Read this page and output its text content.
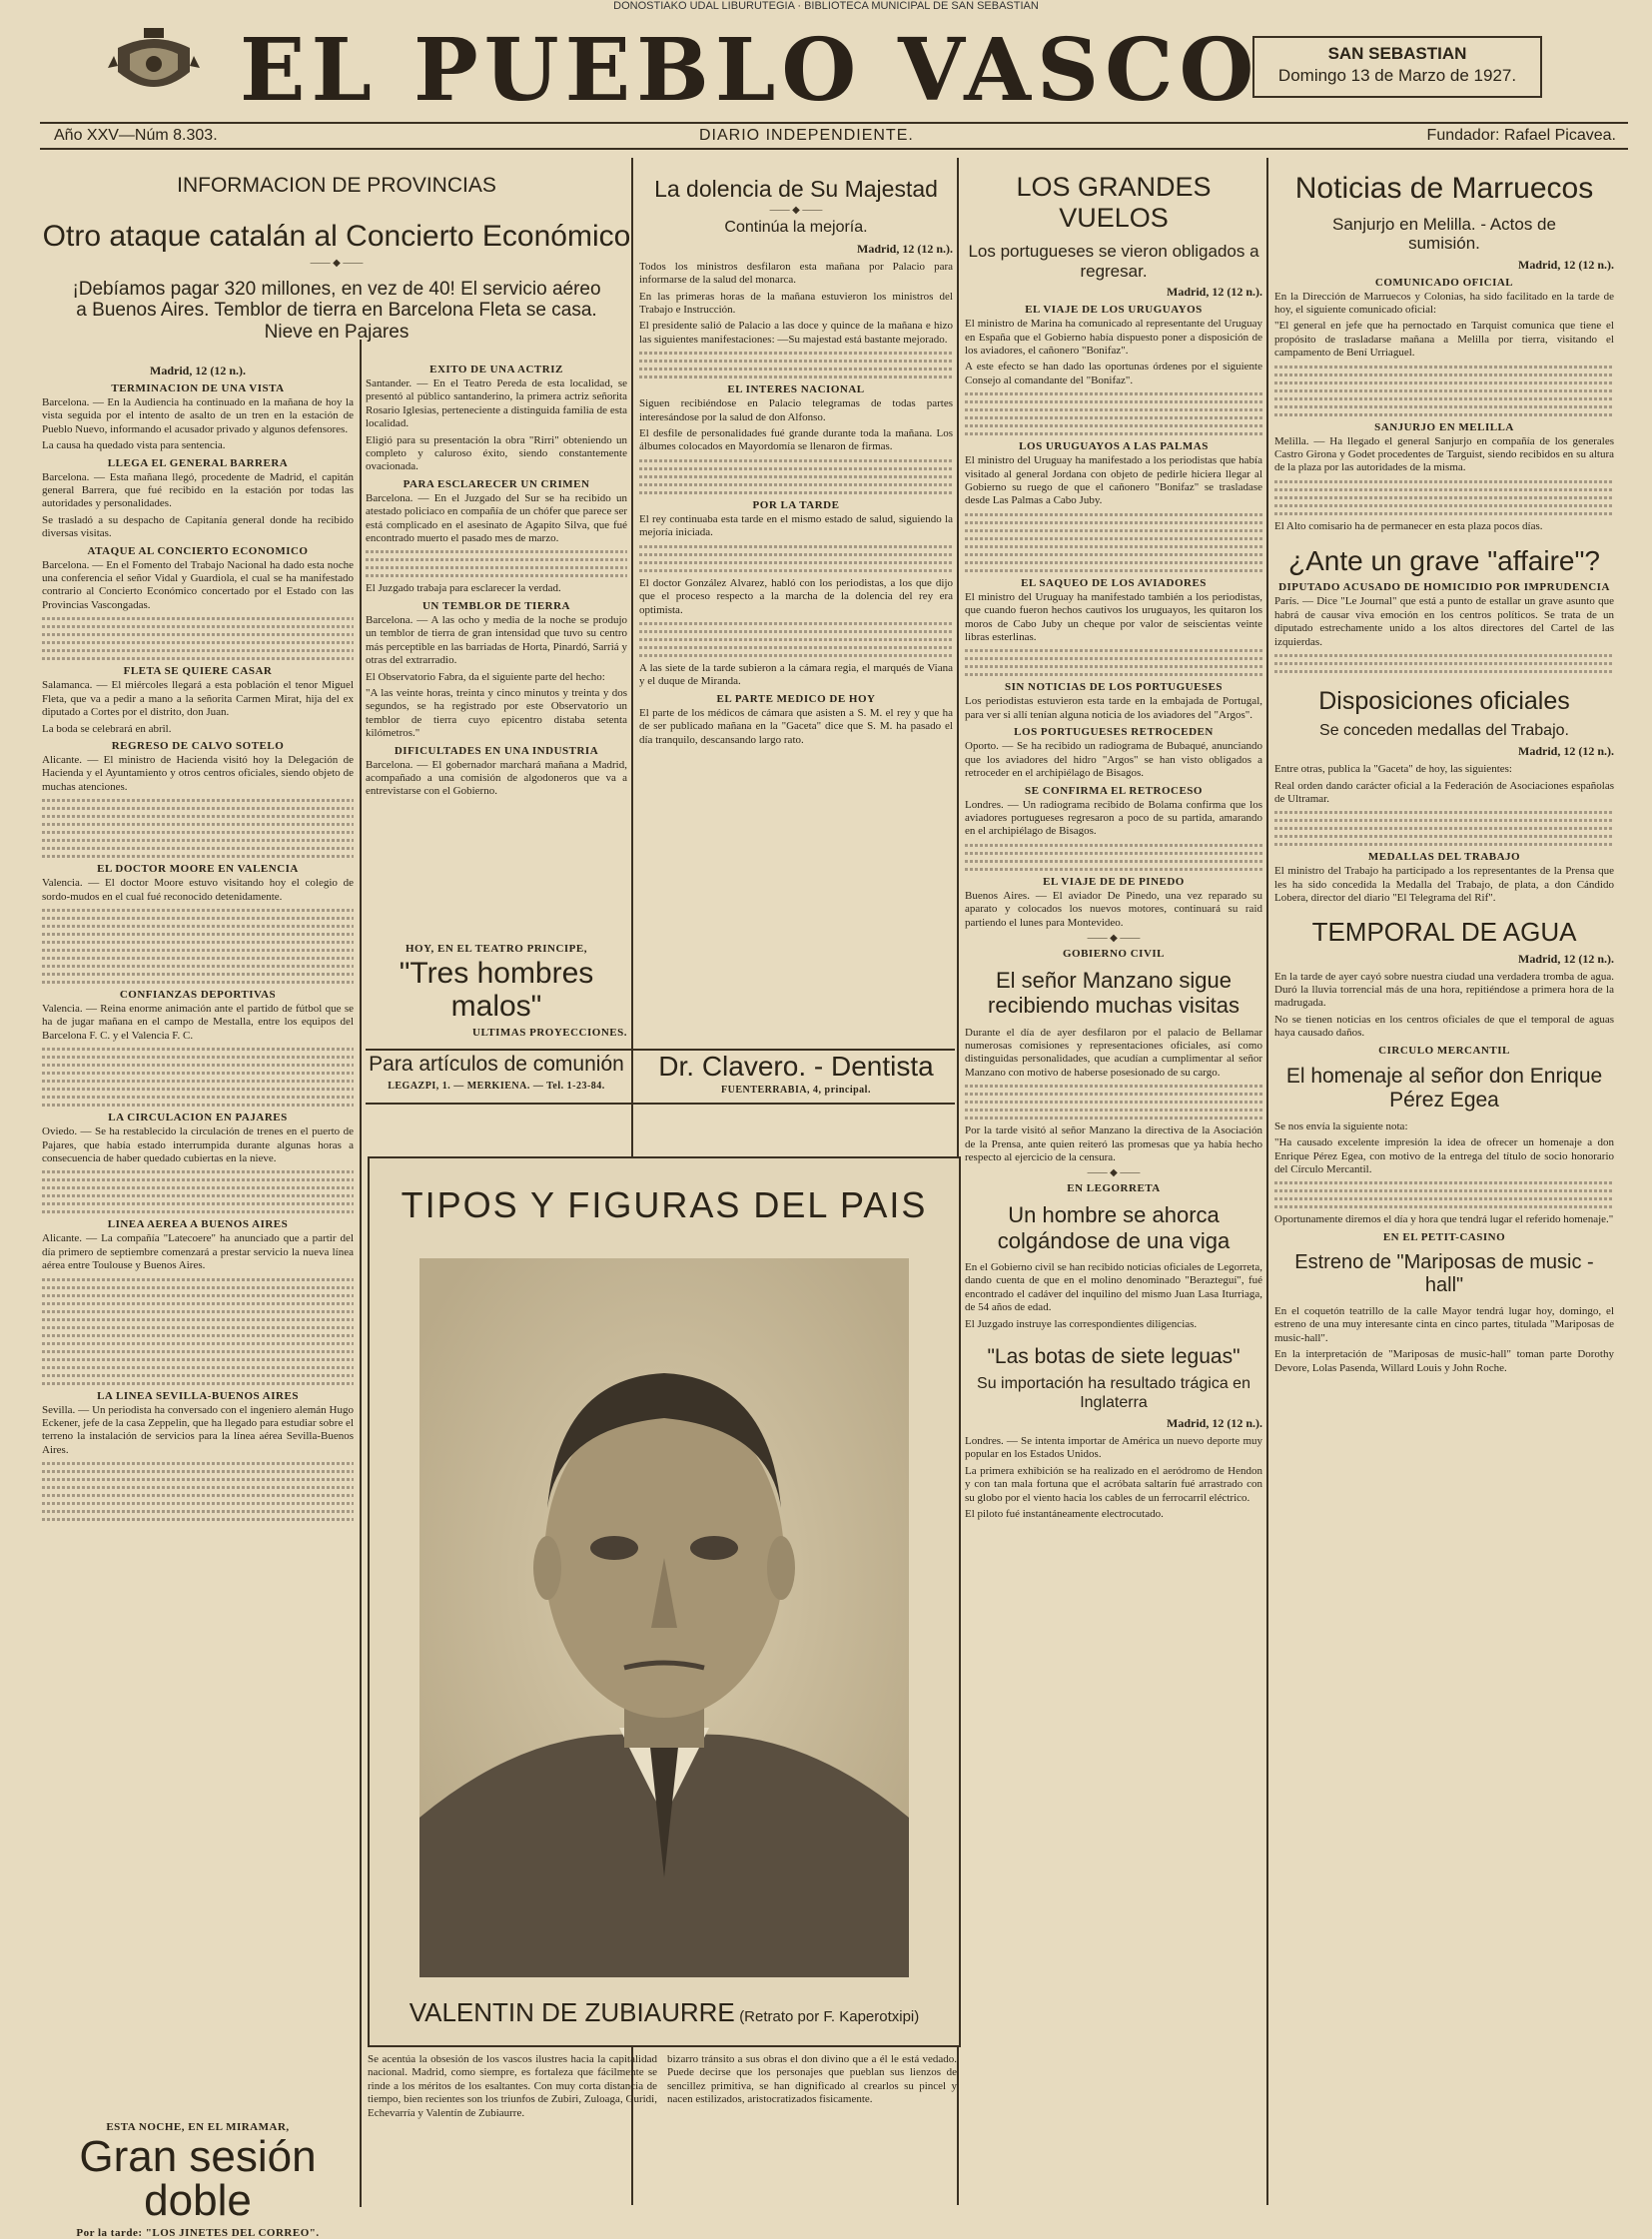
DONOSTIAKO UDAL LIBURUTEGIA · BIBLIOTECA MUNICIPAL DE SAN SEBASTIAN
EL PUEBLO VASCO	SAN SEBASTIAN
Domingo 13 de Marzo de 1927.
Año XXV—Núm 8.303.	DIARIO INDEPENDIENTE.	Fundador: Rafael Picavea.
INFORMACION DE PROVINCIAS
Otro ataque catalán al Concierto Económico
—— ◆ ——
¡Debíamos pagar 320 millones, en vez de 40! El servicio aéreo a Buenos Aires. Temblor de tierra en Barcelona Fleta se casa. Nieve en Pajares
Madrid, 12 (12 n.).
TERMINACION DE UNA VISTA

Barcelona. — En la Audiencia ha continuado en la mañana de hoy la vista seguida por el intento de asalto de un tren en la estación de Pueblo Nuevo, informando el acusador privado y algunos defensores.

La causa ha quedado vista para sentencia.

LLEGA EL GENERAL BARRERA

Barcelona. — Esta mañana llegó, procedente de Madrid, el capitán general Barrera, que fué recibido en la estación por todas las autoridades y personalidades.

Se trasladó a su despacho de Capitanía general donde ha recibido diversas visitas.

ATAQUE AL CONCIERTO ECONOMICO

Barcelona. — En el Fomento del Trabajo Nacional ha dado esta noche una conferencia el señor Vidal y Guardiola, el cual se ha manifestado contrario al Concierto Económico concertado por el Estado con las Provincias Vascongadas.

FLETA SE QUIERE CASAR

Salamanca. — El miércoles llegará a esta población el tenor Miguel Fleta, que va a pedir a mano a la señorita Carmen Mirat, hija del ex diputado a Cortes por el distrito, don Juan.

La boda se celebrará en abril.

REGRESO DE CALVO SOTELO

Alicante. — El ministro de Hacienda visitó hoy la Delegación de Hacienda y el Ayuntamiento y otros centros oficiales, siendo objeto de muchas atenciones.

EL DOCTOR MOORE EN VALENCIA

Valencia. — El doctor Moore estuvo visitando hoy el colegio de sordo-mudos en el cual fué reconocido detenidamente.

CONFIANZAS DEPORTIVAS

Valencia. — Reina enorme animación ante el partido de fútbol que se ha de jugar mañana en el campo de Mestalla, entre los equipos del Barcelona F. C. y el Valencia F. C.

LA CIRCULACION EN PAJARES

Oviedo. — Se ha restablecido la circulación de trenes en el puerto de Pajares, que había estado interrumpida durante algunas horas a consecuencia de haber quedado cubiertas en la nieve.

LINEA AEREA A BUENOS AIRES

Alicante. — La compañía "Latecoere" ha anunciado que a partir del día primero de septiembre comenzará a prestar servicio la nueva línea aérea entre Toulouse y Buenos Aires.

LA LINEA SEVILLA-BUENOS AIRES

Sevilla. — Un periodista ha conversado con el ingeniero alemán Hugo Eckener, jefe de la casa Zeppelin, que ha llegado para estudiar sobre el terreno la instalación de servicios para la línea aérea Sevilla-Buenos Aires.

ESTA NOCHE, EN EL MIRAMAR,
Gran sesión doble
Por la tarde: "LOS JINETES DEL CORREO".
EXITO DE UNA ACTRIZ

Santander. — En el Teatro Pereda de esta localidad, se presentó al público santanderino, la primera actriz señorita Rosario Iglesias, perteneciente a distinguida familia de esta localidad.

Eligió para su presentación la obra "Rirri" obteniendo un completo y caluroso éxito, siendo constantemente ovacionada.

PARA ESCLARECER UN CRIMEN

Barcelona. — En el Juzgado del Sur se ha recibido un atestado policiaco en compañía de un chófer que parece ser está complicado en el asesinato de Agapito Silva, que fué encontrado muerto el pasado mes de marzo.

El Juzgado trabaja para esclarecer la verdad.

UN TEMBLOR DE TIERRA

Barcelona. — A las ocho y media de la noche se produjo un temblor de tierra de gran intensidad que tuvo su centro más perceptible en las barriadas de Horta, Pinardó, Sarriá y otras del extrarradio.

El Observatorio Fabra, da el siguiente parte del hecho:

"A las veinte horas, treinta y cinco minutos y treinta y dos segundos, se ha registrado por este Observatorio un temblor de tierra cuyo epicentro distaba setenta kilómetros."

DIFICULTADES EN UNA INDUSTRIA

Barcelona. — El gobernador marchará mañana a Madrid, acompañado a una comisión de algodoneros que va a entrevistarse con el Gobierno.

HOY, EN EL TEATRO PRINCIPE,
"Tres hombres malos"
ULTIMAS PROYECCIONES.
Para artículos de comunión
LEGAZPI, 1. — MERKIENA. — Tel. 1-23-84.
La dolencia de Su Majestad
—— ◆ ——
Continúa la mejoría.
Madrid, 12 (12 n.).

Todos los ministros desfilaron esta mañana por Palacio para informarse de la salud del monarca.

En las primeras horas de la mañana estuvieron los ministros del Trabajo e Instrucción.

El presidente salió de Palacio a las doce y quince de la mañana e hizo las siguientes manifestaciones: —Su majestad está bastante mejorado.

EL INTERES NACIONAL

Siguen recibiéndose en Palacio telegramas de todas partes interesándose por la salud de don Alfonso.

El desfile de personalidades fué grande durante toda la mañana. Los álbumes colocados en Mayordomía se llenaron de firmas.

POR LA TARDE

El rey continuaba esta tarde en el mismo estado de salud, siguiendo la mejoría iniciada.

El doctor González Alvarez, habló con los periodistas, a los que dijo que el proceso respecto a la marcha de la dolencia del rey era optimista.

A las siete de la tarde subieron a la cámara regia, el marqués de Viana y el duque de Miranda.

EL PARTE MEDICO DE HOY

El parte de los médicos de cámara que asisten a S. M. el rey y que ha de ser publicado mañana en la "Gaceta" dice que S. M. ha pasado el día tranquilo, descansando largo rato.

Dr. Clavero. - Dentista
FUENTERRABIA, 4, principal.
TIPOS Y FIGURAS DEL PAIS
VALENTIN DE ZUBIAURRE (Retrato por F. Kaperotxipi)

Se acentúa la obsesión de los vascos ilustres hacia la capitalidad nacional. Madrid, como siempre, es fortaleza que fácilmente se rinde a los méritos de los esaltantes. Con muy corta distancia de tiempo, bien recientes son los triunfos de Zubiri, Zuloaga, Guridi, Echevarría y Valentín de Zubiaurre.

bizarro tránsito a sus obras el don divino que a él le está vedado. Puede decirse que los personajes que pueblan sus lienzos de sencillez primitiva, se han dignificado al crearlos su pincel y nacen estilizados, aristocratizados fisicamente.

LOS GRANDES VUELOS
Los portugueses se vieron obligados a regresar.
Madrid, 12 (12 n.).
EL VIAJE DE LOS URUGUAYOS

El ministro de Marina ha comunicado al representante del Uruguay en España que el Gobierno había dispuesto poner a disposición de los aviadores, el cañonero "Bonifaz".

A este efecto se han dado las oportunas órdenes por el siguiente Consejo al comandante del "Bonifaz".

LOS URUGUAYOS A LAS PALMAS

El ministro del Uruguay ha manifestado a los periodistas que había visitado al general Jordana con objeto de pedirle hiciera llegar al Gobierno su ruego de que el cañonero "Bonifaz" se trasladase desde Las Palmas a Cabo Juby.

EL SAQUEO DE LOS AVIADORES

El ministro del Uruguay ha manifestado también a los periodistas, que cuando fueron hechos cautivos los uruguayos, les quitaron los moros de Cabo Juby un cheque por valor de seiscientas veinte libras esterlinas.

SIN NOTICIAS DE LOS PORTUGUESES

Los periodistas estuvieron esta tarde en la embajada de Portugal, para ver si allí tenían alguna noticia de los aviadores del "Argos".

LOS PORTUGUESES RETROCEDEN

Oporto. — Se ha recibido un radiograma de Bubaqué, anunciando que los aviadores del hidro "Argos" se han visto obligados a retroceder en el archipiélago de Bisagos.

SE CONFIRMA EL RETROCESO

Londres. — Un radiograma recibido de Bolama confirma que los aviadores portugueses regresaron a poco de su partida, amarando en el archipiélago de Bisagos.

EL VIAJE DE DE PINEDO

Buenos Aires. — El aviador De Pinedo, una vez reparado su aparato y colocados los nuevos motores, continuará su raid partiendo el lunes para Montevideo.

—— ◆ ——
GOBIERNO CIVIL
El señor Manzano sigue recibiendo muchas visitas

Durante el día de ayer desfilaron por el palacio de Bellamar numerosas comisiones y representaciones oficiales, así como distinguidas personalidades, que acudían a cumplimentar al señor Manzano con motivo de haberse posesionado de su cargo.

Por la tarde visitó al señor Manzano la directiva de la Asociación de la Prensa, ante quien reiteró las promesas que ya había hecho respecto al ejercicio de la censura.

—— ◆ ——
EN LEGORRETA
Un hombre se ahorca colgándose de una viga

En el Gobierno civil se han recibido noticias oficiales de Legorreta, dando cuenta de que en el molino denominado "Berazteguí", fué encontrado el cadáver del inquilino del mismo Juan Lasa Iturriaga, de 54 años de edad.

El Juzgado instruye las correspondientes diligencias.

"Las botas de siete leguas"
Su importación ha resultado trágica en Inglaterra
Madrid, 12 (12 n.).

Londres. — Se intenta importar de América un nuevo deporte muy popular en los Estados Unidos.

La primera exhibición se ha realizado en el aeródromo de Hendon y con tan mala fortuna que el acróbata saltarín fué arrastrado con su globo por el viento hacia los cables de un ferrocarril eléctrico.

El piloto fué instantáneamente electrocutado.

Noticias de Marruecos
Sanjurjo en Melilla. - Actos de sumisión.
Madrid, 12 (12 n.).
COMUNICADO OFICIAL

En la Dirección de Marruecos y Colonias, ha sido facilitado en la tarde de hoy, el siguiente comunicado oficial:

"El general en jefe que ha pernoctado en Tarquist comunica que tiene el propósito de trasladarse mañana a Melilla por tierra, visitando el campamento de Bení Urriaguel.

SANJURJO EN MELILLA

Melilla. — Ha llegado el general Sanjurjo en compañía de los generales Castro Girona y Godet procedentes de Targuist, siendo recibidos en su altura de la plaza por las autoridades de la misma.

El Alto comisario ha de permanecer en esta plaza pocos días.

¿Ante un grave "affaire"?
DIPUTADO ACUSADO DE HOMICIDIO POR IMPRUDENCIA

París. — Dice "Le Journal" que está a punto de estallar un grave asunto que habrá de causar viva emoción en los centros políticos. Se trata de un diputado estrechamente unido a los altos directores del Cartel de las izquierdas.

Disposiciones oficiales
Se conceden medallas del Trabajo.
Madrid, 12 (12 n.).

Entre otras, publica la "Gaceta" de hoy, las siguientes:

Real orden dando carácter oficial a la Federación de Asociaciones españolas de Ultramar.

MEDALLAS DEL TRABAJO

El ministro del Trabajo ha participado a los representantes de la Prensa que les ha sido concedida la Medalla del Trabajo, de plata, a don Cándido Lobera, director del diario "El Telegrama del Rif".

TEMPORAL DE AGUA
Madrid, 12 (12 n.).

En la tarde de ayer cayó sobre nuestra ciudad una verdadera tromba de agua. Duró la lluvia torrencial más de una hora, repitiéndose a primera hora de la madrugada.

No se tienen noticias en los centros oficiales de que el temporal de aguas haya causado daños.

CIRCULO MERCANTIL
El homenaje al señor don Enrique Pérez Egea

Se nos envía la siguiente nota:

"Ha causado excelente impresión la idea de ofrecer un homenaje a don Enrique Pérez Egea, con motivo de la entrega del título de socio honorario del Círculo Mercantil.

Oportunamente diremos el día y hora que tendrá lugar el referido homenaje."

EN EL PETIT-CASINO
Estreno de "Mariposas de music - hall"

En el coquetón teatrillo de la calle Mayor tendrá lugar hoy, domingo, el estreno de una muy interesante cinta en cinco partes, titulada "Mariposas de music-hall".

En la interpretación de "Mariposas de music-hall" toman parte Dorothy Devore, Lolas Pasenda, Willard Louis y John Roche.
